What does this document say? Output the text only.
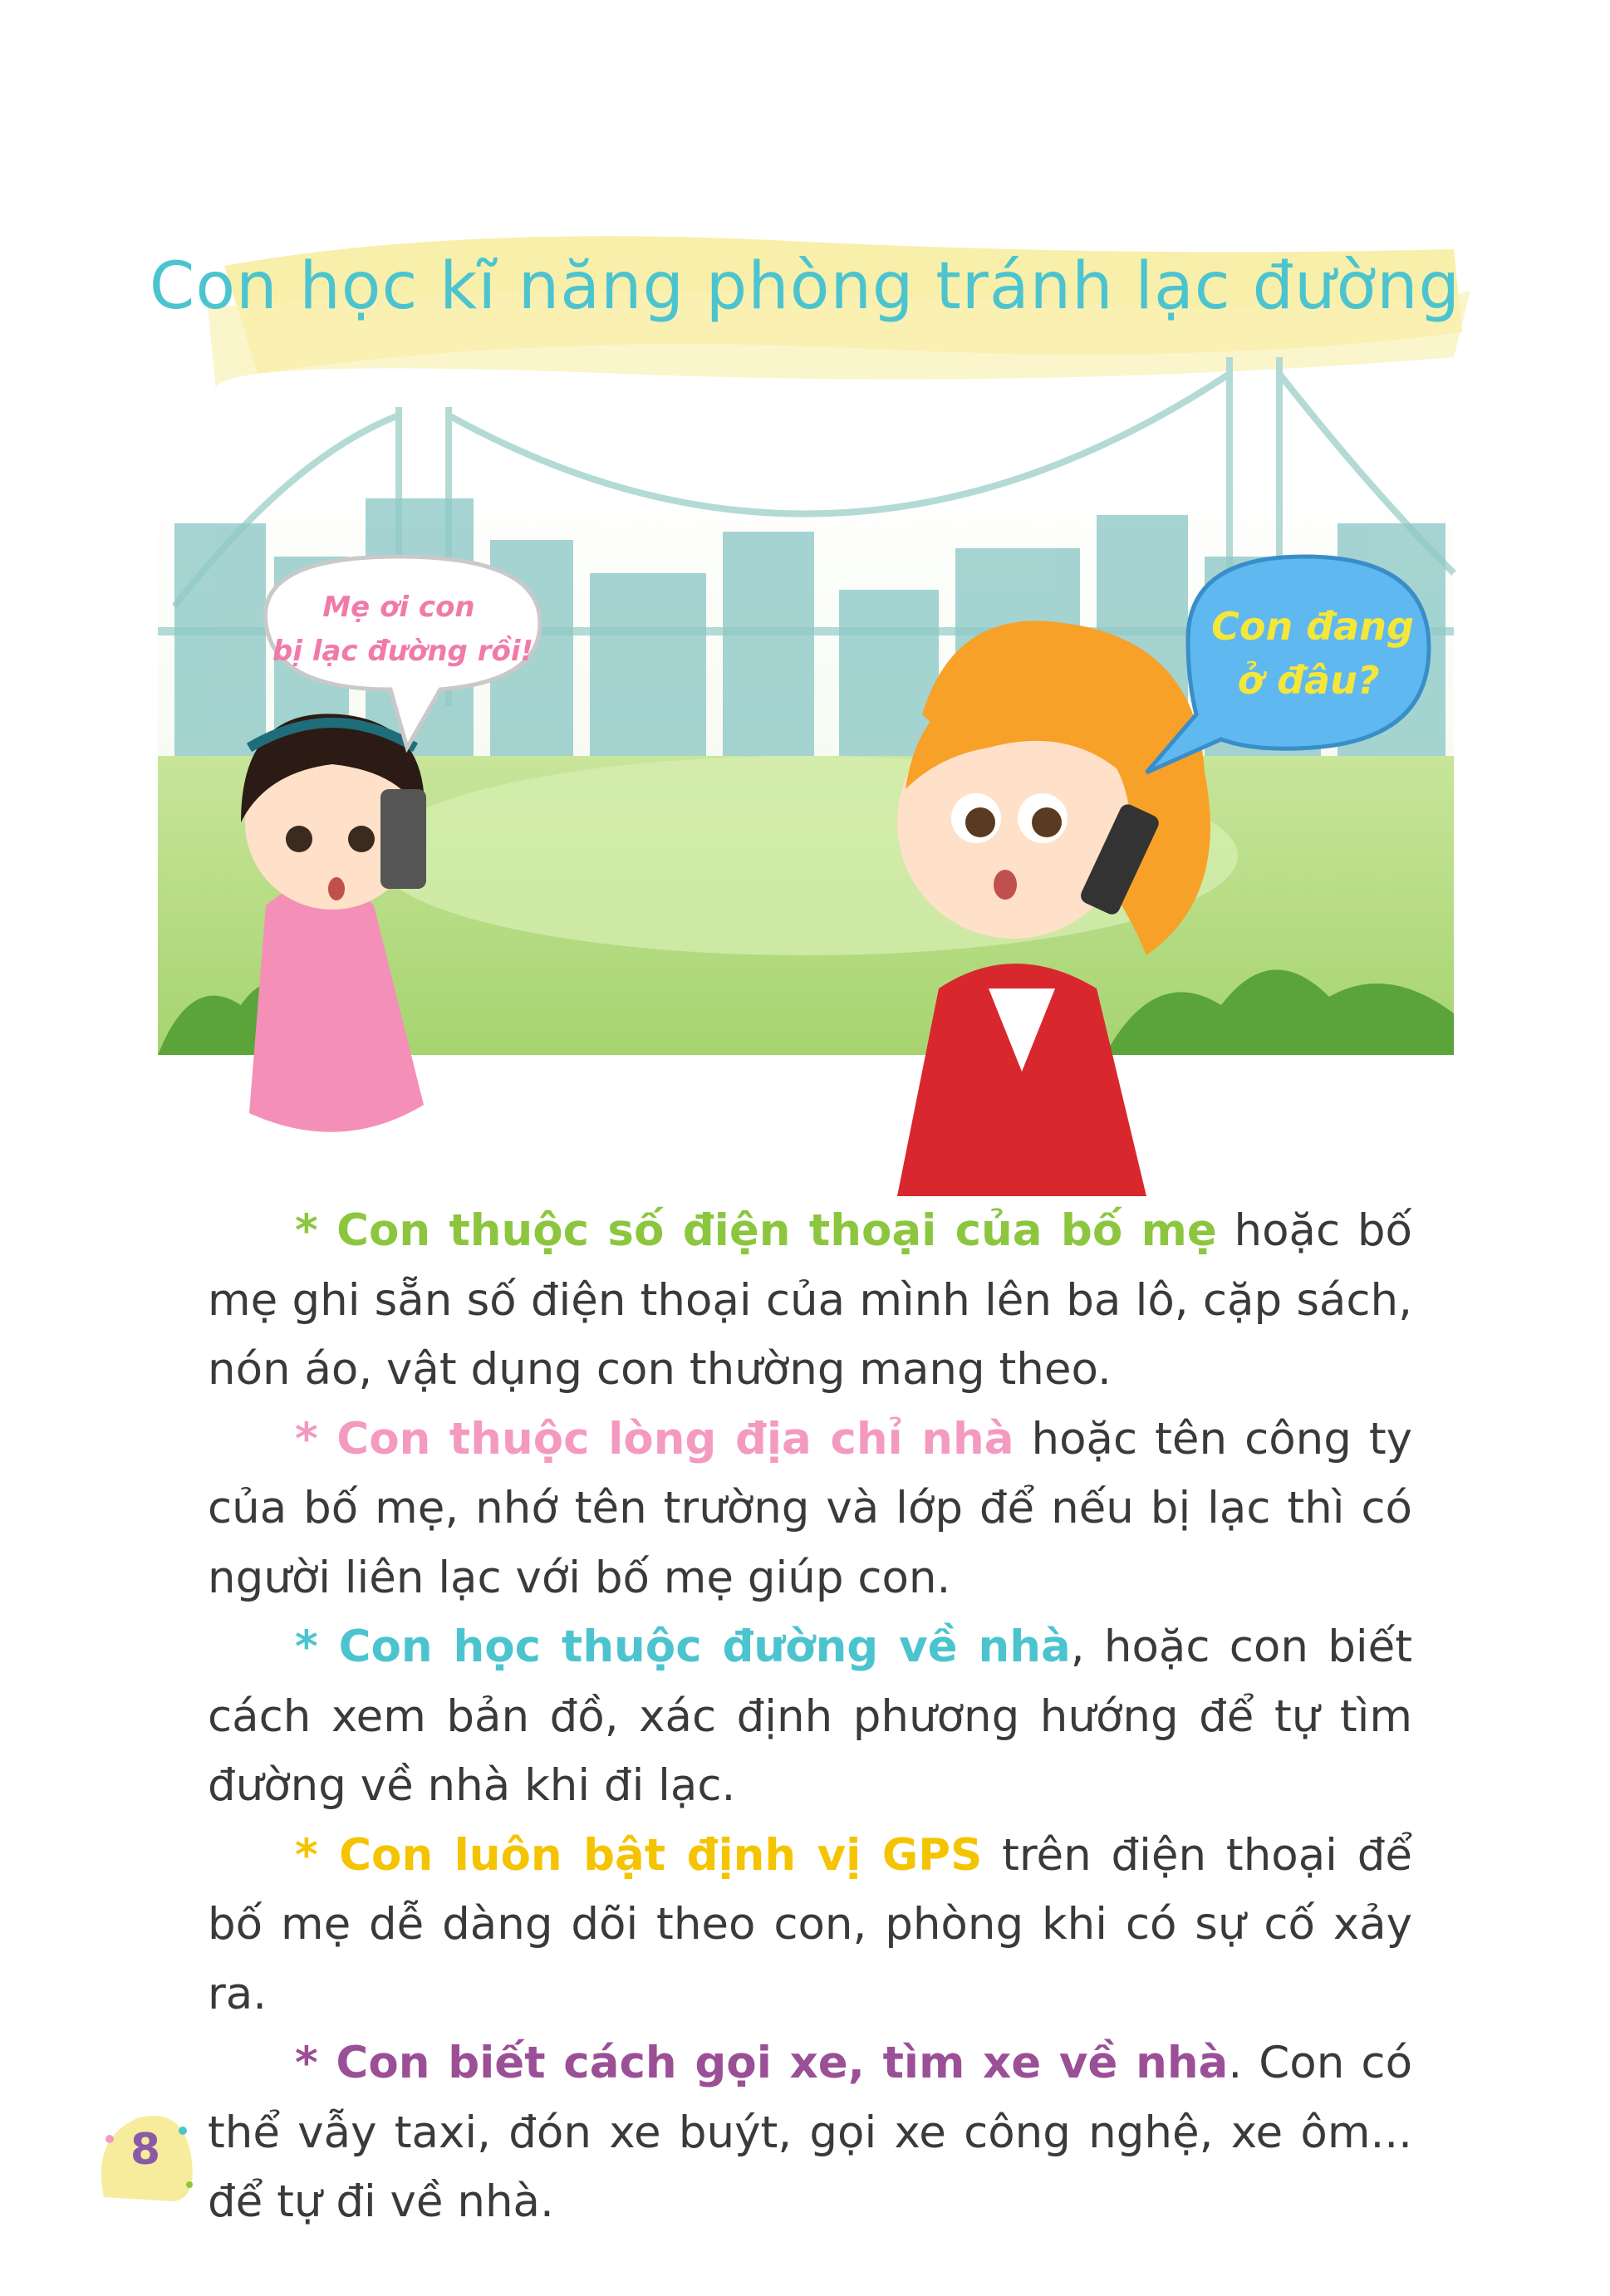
Con học kĩ năng phòng tránh lạc đường
Mẹ ơi con
bị lạc đường rồi!
Con đang
ở đâu?

* Con thuộc số điện thoại của bố mẹ hoặc bố mẹ ghi sẵn số điện thoại của mình lên ba lô, cặp sách, nón áo, vật dụng con thường mang theo.

* Con thuộc lòng địa chỉ nhà hoặc tên công ty của bố mẹ, nhớ tên trường và lớp để nếu bị lạc thì có người liên lạc với bố mẹ giúp con.

* Con học thuộc đường về nhà, hoặc con biết cách xem bản đồ, xác định phương hướng để tự tìm đường về nhà khi đi lạc.

* Con luôn bật định vị GPS trên điện thoại để bố mẹ dễ dàng dõi theo con, phòng khi có sự cố xảy ra.

* Con biết cách gọi xe, tìm xe về nhà. Con có thể vẫy taxi, đón xe buýt, gọi xe công nghệ, xe ôm... để tự đi về nhà.

8
